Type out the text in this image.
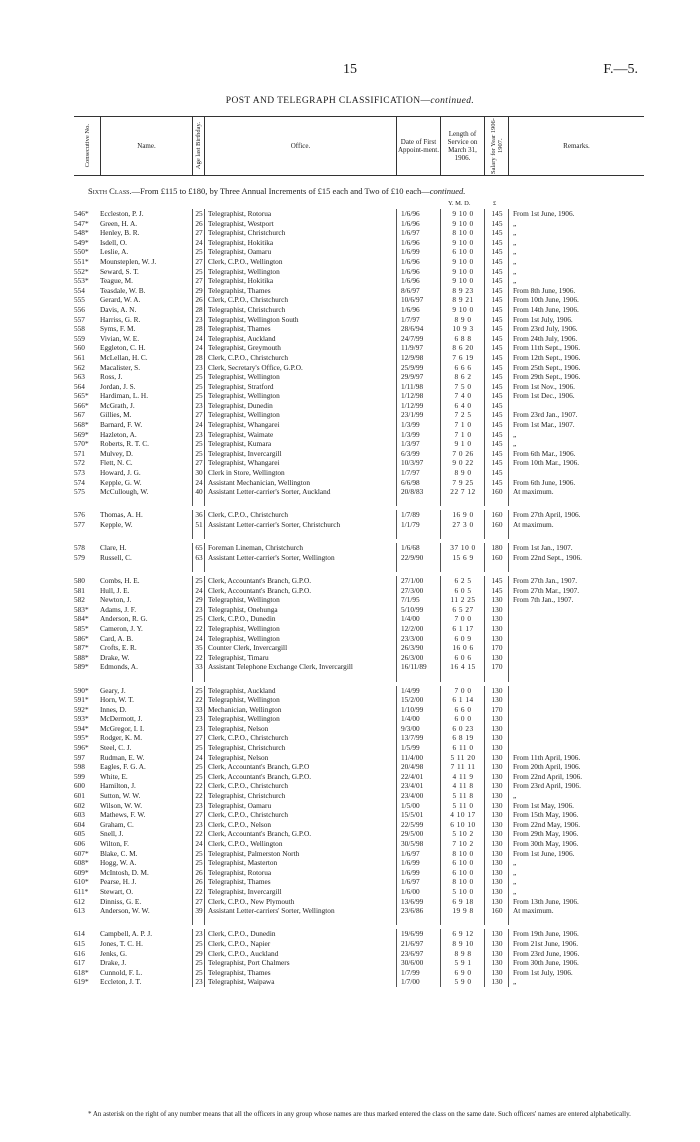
15	F.—5.
POST AND TELEGRAPH CLASSIFICATION—continued.
Consecutive No.	Name.	Age last Birthday.	Office.	Date of First Appoint-ment.
Length of Service on March 31, 1906.	Salary for Year 1906-1907.	Remarks.
Sixth Class.—From £115 to £180, by Three Annual Increments of £15 each and Two of £10 each—continued.
Y. M. D.	£
546*	Eccleston, P. J.	25 Telegraphist, Rotorua	1/6/96	9 10 0	145	From 1st June, 1906.
547*	Green, H. A.	26 Telegraphist, Westport	1/6/96	9 10 0	145	„
548*	Henley, B. R.	27 Telegraphist, Christchurch	1/6/97	8 10 0	145	„
549*	Isdell, O.	24 Telegraphist, Hokitika	1/6/96	9 10 0	145	„
550*	Leslie, A.	25 Telegraphist, Oamaru	1/6/99	6 10 0	145	„
551*	Mounsteplen, W. J.	27 Clerk, C.P.O., Wellington	1/6/96	9 10 0	145	„
552*	Seward, S. T.	25 Telegraphist, Wellington	1/6/96	9 10 0	145	„
553*	Teague, M.	27 Telegraphist, Hokitika	1/6/96	9 10 0	145	„
554	Teasdale, W. B.	29 Telegraphist, Thames	8/6/97	8 9 23	145	From 8th June, 1906.
555	Gerard, W. A.	26 Clerk, C.P.O., Christchurch	10/6/97	8 9 21	145	From 10th June, 1906.
556	Davis, A. N.	28 Telegraphist, Christchurch	1/6/96	9 10 0	145	From 14th June, 1906.
557	Harriss, G. R.	23 Telegraphist, Wellington South	1/7/97	8 9 0	145	From 1st July, 1906.
558	Syms, F. M.	28 Telegraphist, Thames	28/6/94	10 9 3	145	From 23rd July, 1906.
559	Vivian, W. E.	24 Telegraphist, Auckland	24/7/99	6 8 8	145	From 24th July, 1906.
560	Eggleton, C. H.	24 Telegraphist, Greymouth	11/9/97	8 6 20	145	From 11th Sept., 1906.
561	McLellan, H. C.	28 Clerk, C.P.O., Christchurch	12/9/98	7 6 19	145	From 12th Sept., 1906.
562	Macalister, S.	23 Clerk, Secretary's Office, G.P.O.	25/9/99	6 6 6	145	From 25th Sept., 1906.
563	Ross, J.	25 Telegraphist, Wellington	29/9/97	8 6 2	145	From 29th Sept., 1906.
564	Jordan, J. S.	25 Telegraphist, Stratford	1/11/98	7 5 0	145	From 1st Nov., 1906.
565*	Hardiman, L. H.	25 Telegraphist, Wellington	1/12/98	7 4 0	145	From 1st Dec., 1906.
566*	McGrath, J.	23 Telegraphist, Dunedin	1/12/99	6 4 0	145
567	Gillies, M.	27 Telegraphist, Wellington	23/1/99	7 2 5	145	From 23rd Jan., 1907.
568*	Barnard, F. W.	24 Telegraphist, Whangarei	1/3/99	7 1 0	145	From 1st Mar., 1907.
569*	Hazleton, A.	23 Telegraphist, Waimate	1/3/99	7 1 0	145	„
570*	Roberts, R. T. C.	25 Telegraphist, Kumara	1/3/97	9 1 0	145	„
571	Mulvey, D.	25 Telegraphist, Invercargill	6/3/99	7 0 26	145	From 6th Mar., 1906.
572	Flett, N. C.	27 Telegraphist, Whangarei	10/3/97	9 0 22	145	From 10th Mar., 1906.
573	Howard, J. G.	30 Clerk in Store, Wellington	1/7/97	8 9 0	145
574	Kepple, G. W.	24 Assistant Mechanician, Wellington	6/6/98	7 9 25	145	From 6th June, 1906.
575	McCullough, W.	40 Assistant Letter-carrier's Sorter, Auckland	20/8/83	22 7 12	160	At maximum.
576	Thomas, A. H.	36 Clerk, C.P.O., Christchurch	1/7/89	16 9 0	160	From 27th April, 1906.
577	Kepple, W.	51 Assistant Letter-carrier's Sorter, Christchurch	1/1/79	27 3 0	160	At maximum.
578	Clare, H.	65 Foreman Lineman, Christchurch	1/6/68	37 10 0	180	From 1st Jan., 1907.
579	Russell, C.	63 Assistant Letter-carrier's Sorter, Wellington	22/9/90	15 6 9	160	From 22nd Sept., 1906.
580	Combs, H. E.	25 Clerk, Accountant's Branch, G.P.O.	27/1/00	6 2 5	145	From 27th Jan., 1907.
581	Hull, J. E.	24 Clerk, Accountant's Branch, G.P.O.	27/3/00	6 0 5	145	From 27th Mar., 1907.
582	Newton, J.	29 Telegraphist, Wellington	7/1/95	11 2 25	130	From 7th Jan., 1907.
583*	Adams, J. F.	23 Telegraphist, Onehunga	5/10/99	6 5 27	130
584*	Anderson, R. G.	25 Clerk, C.P.O., Dunedin	1/4/00	7 0 0	130
585*	Cameron, J. Y.	22 Telegraphist, Wellington	12/2/00	6 1 17	130
586*	Card, A. B.	24 Telegraphist, Wellington	23/3/00	6 0 9	130
587*	Crofts, E. R.	35 Counter Clerk, Invercargill	26/3/90	16 0 6	170
588*	Drake, W.	22 Telegraphist, Timaru	26/3/00	6 0 6	130
589*	Edmonds, A.	33 Assistant Telephone Exchange Clerk, Invercargill	16/11/89	16 4 15	170
590*	Geary, J.	25 Telegraphist, Auckland	1/4/99	7 0 0	130
591*	Horn, W. T.	22 Telegraphist, Wellington	15/2/00	6 1 14	130
592*	Innes, D.	33 Mechanician, Wellington	1/10/99	6 6 0	170
593*	McDermott, J.	23 Telegraphist, Wellington	1/4/00	6 0 0	130
594*	McGregor, I. I.	23 Telegraphist, Nelson	9/3/00	6 0 23	130
595*	Rodger, K. M.	27 Clerk, C.P.O., Christchurch	13/7/99	6 8 19	130
596*	Steel, C. J.	25 Telegraphist, Christchurch	1/5/99	6 11 0	130
597	Rudman, E. W.	24 Telegraphist, Nelson	11/4/00	5 11 20	130	From 11th April, 1906.
598	Eagles, F. G. A.	25 Clerk, Accountant's Branch, G.P.O	20/4/98	7 11 11	130	From 20th April, 1906.
599	White, E.	25 Clerk, Accountant's Branch, G.P.O.	22/4/01	4 11 9	130	From 22nd April, 1906.
600	Hamilton, J.	22 Clerk, C.P.O., Christchurch	23/4/01	4 11 8	130	From 23rd April, 1906.
601	Sutton, W. W.	22 Telegraphist, Christchurch	23/4/00	5 11 8	130	„
602	Wilson, W. W.	23 Telegraphist, Oamaru	1/5/00	5 11 0	130	From 1st May, 1906.
603	Mathews, F. W.	27 Clerk, C.P.O., Christchurch	15/5/01	4 10 17	130	From 15th May, 1906.
604	Graham, C.	23 Clerk, C.P.O., Nelson	22/5/99	6 10 10	130	From 22nd May, 1906.
605	Snell, J.	22 Clerk, Accountant's Branch, G.P.O.	29/5/00	5 10 2	130	From 29th May, 1906.
606	Wilton, F.	24 Clerk, C.P.O., Wellington	30/5/98	7 10 2	130	From 30th May, 1906.
607*	Blake, C. M.	25 Telegraphist, Palmerston North	1/6/97	8 10 0	130	From 1st June, 1906.
608*	Hogg, W. A.	25 Telegraphist, Masterton	1/6/99	6 10 0	130	„
609*	McIntosh, D. M.	26 Telegraphist, Rotorua	1/6/99	6 10 0	130	„
610*	Pearse, H. J.	26 Telegraphist, Thames	1/6/97	8 10 0	130	„
611*	Stewart, O.	22 Telegraphist, Invercargill	1/6/00	5 10 0	130	„
612	Dinniss, G. E.	27 Clerk, C.P.O., New Plymouth	13/6/99	6 9 18	130	From 13th June, 1906.
613	Anderson, W. W.	39 Assistant Letter-carriers' Sorter, Wellington	23/6/86	19 9 8	160	At maximum.
614	Campbell, A. P. J.	23 Clerk, C.P.O., Dunedin	19/6/99	6 9 12	130	From 19th June, 1906.
615	Jones, T. C. H.	25 Clerk, C.P.O., Napier	21/6/97	8 9 10	130	From 21st June, 1906.
616	Jenks, G.	29 Clerk, C.P.O., Auckland	23/6/97	8 9 8	130	From 23rd June, 1906.
617	Drake, J.	25 Telegraphist, Port Chalmers	30/6/00	5 9 1	130	From 30th June, 1906.
618*	Cunnold, F. L.	25 Telegraphist, Thames	1/7/99	6 9 0	130	From 1st July, 1906.
619*	Eccleton, J. T.	23 Telegraphist, Waipawa	1/7/00	5 9 0	130	„
* An asterisk on the right of any number means that all the officers in any group whose names are thus marked entered the class on the same date. Such officers' names are entered alphabetically.
